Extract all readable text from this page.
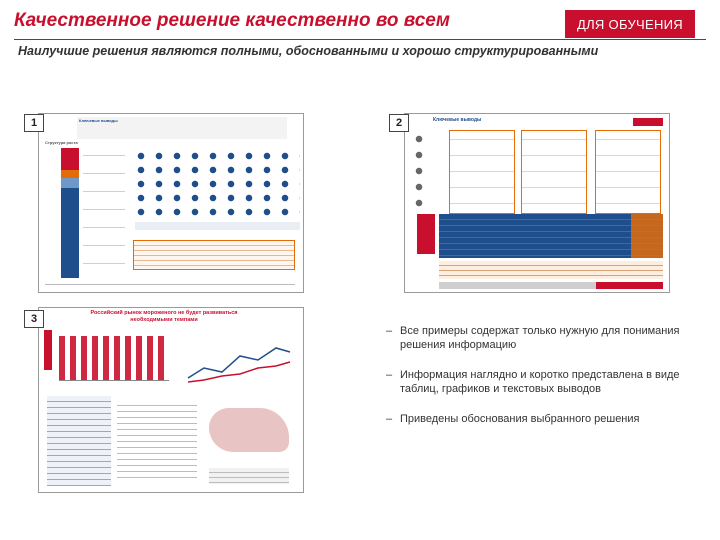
Качественное решение качественно во всем	ДЛЯ ОБУЧЕНИЯ
Наилучшие решения являются полными, обоснованными и хорошо структурированными
Ключевые выводы
Структура роста
1	Ключевые выводы
2
Российский рынок мороженого не будет развиваться необходимыми темпами
3
– Все примеры содержат только нужную для понимания решения информацию
– Информация наглядно и коротко представлена в виде таблиц, графиков и текстовых выводов
– Приведены обоснования выбранного решения
